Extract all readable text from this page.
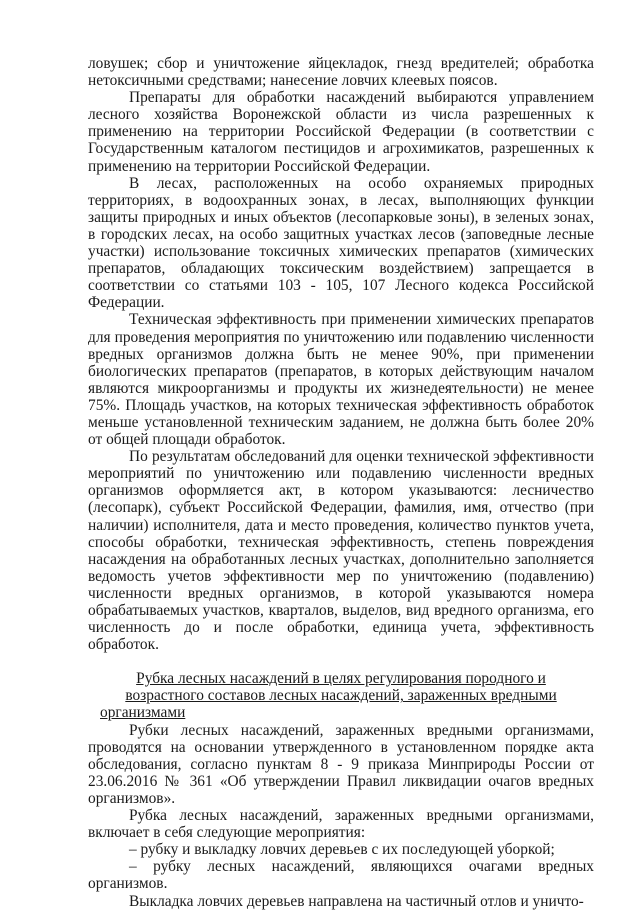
ловушек; сбор и уничтожение яйцекладок, гнезд вредителей; обработка нетоксичными средствами; нанесение ловчих клеевых поясов.

Препараты для обработки насаждений выбираются управлением лесного хозяйства Воронежской области из числа разрешенных к применению на территории Российской Федерации (в соответствии с Государственным каталогом пестицидов и агрохимикатов, разрешенных к применению на территории Российской Федерации.

В лесах, расположенных на особо охраняемых природных территориях, в водоохранных зонах, в лесах, выполняющих функции защиты природных и иных объектов (лесопарковые зоны), в зеленых зонах, в городских лесах, на особо защитных участках лесов (заповедные лесные участки) использование токсичных химических препаратов (химических препаратов, обладающих токсическим воздействием) запрещается в соответствии со статьями 103 - 105, 107 Лесного кодекса Российской Федерации.

Техническая эффективность при применении химических препаратов для проведения мероприятия по уничтожению или подавлению численности вредных организмов должна быть не менее 90%, при применении биологических препаратов (препаратов, в которых действующим началом являются микроорганизмы и продукты их жизнедеятельности) не менее 75%. Площадь участков, на которых техническая эффективность обработок меньше установленной техническим заданием, не должна быть более 20% от общей площади обработок.

По результатам обследований для оценки технической эффективности мероприятий по уничтожению или подавлению численности вредных организмов оформляется акт, в котором указываются: лесничество (лесопарк), субъект Российской Федерации, фамилия, имя, отчество (при наличии) исполнителя, дата и место проведения, количество пунктов учета, способы обработки, техническая эффективность, степень повреждения насаждения на обработанных лесных участках, дополнительно заполняется ведомость учетов эффективности мер по уничтожению (подавлению) численности вредных организмов, в которой указываются номера обрабатываемых участков, кварталов, выделов, вид вредного организма, его численность до и после обработки, единица учета, эффективность обработок.

Рубка лесных насаждений в целях регулирования породного и возрастного составов лесных насаждений, зараженных вредными организмами

Рубки лесных насаждений, зараженных вредными организмами, проводятся на основании утвержденного в установленном порядке акта обследования, согласно пунктам 8 - 9 приказа Минприроды России от 23.06.2016 № 361 «Об утверждении Правил ликвидации очагов вредных организмов».

Рубка лесных насаждений, зараженных вредными организмами, включает в себя следующие мероприятия:

– рубку и выкладку ловчих деревьев с их последующей уборкой;

– рубку лесных насаждений, являющихся очагами вредных организмов.

Выкладка ловчих деревьев направлена на частичный отлов и уничто-
